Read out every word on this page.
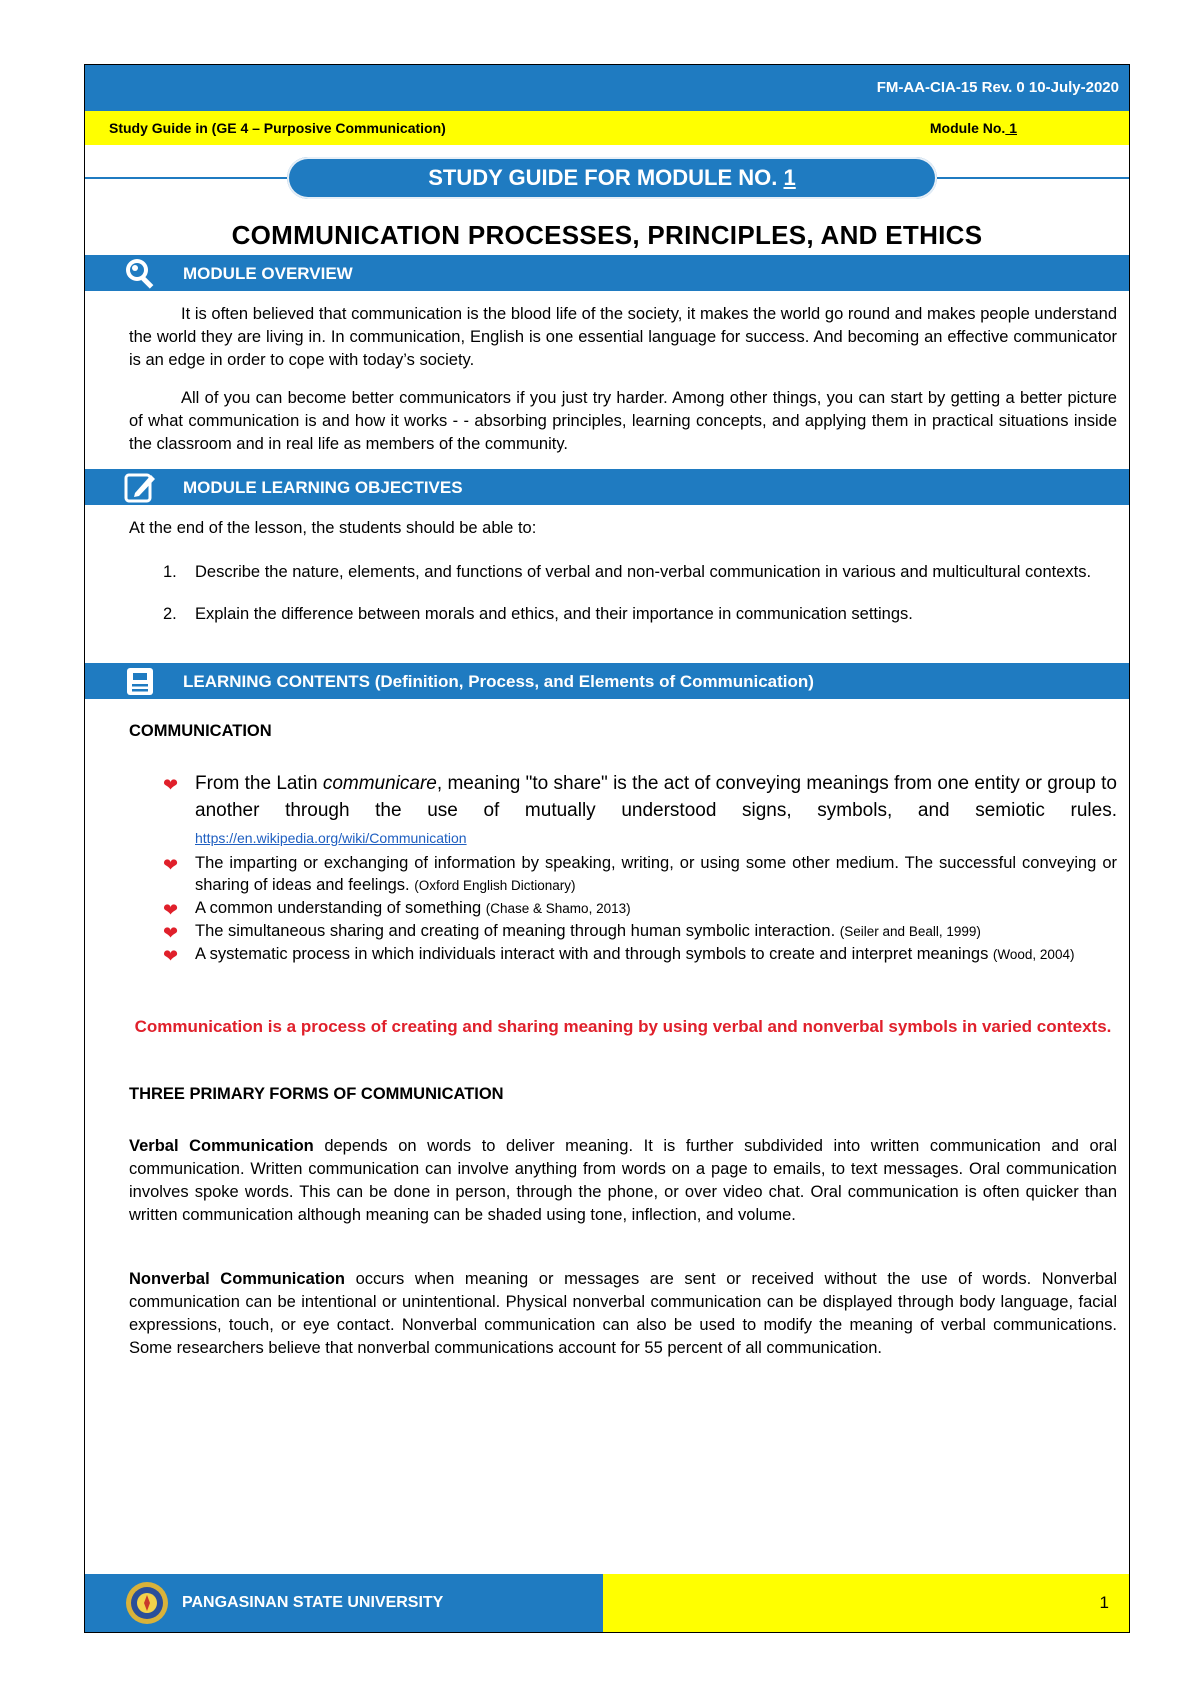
FM-AA-CIA-15 Rev. 0 10-July-2020
Study Guide in (GE 4 – Purposive Communication)	Module No. 1
STUDY GUIDE FOR MODULE NO. 1
COMMUNICATION PROCESSES, PRINCIPLES, AND ETHICS
MODULE OVERVIEW
It is often believed that communication is the blood life of the society, it makes the world go round and makes people understand the world they are living in. In communication, English is one essential language for success. And becoming an effective communicator is an edge in order to cope with today’s society.
All of you can become better communicators if you just try harder. Among other things, you can start by getting a better picture of what communication is and how it works - - absorbing principles, learning concepts, and applying them in practical situations inside the classroom and in real life as members of the community.
MODULE LEARNING OBJECTIVES
At the end of the lesson, the students should be able to:
1. Describe the nature, elements, and functions of verbal and non-verbal communication in various and multicultural contexts.
2. Explain the difference between morals and ethics, and their importance in communication settings.
LEARNING CONTENTS (Definition, Process, and Elements of Communication)
COMMUNICATION
❤ From the Latin communicare, meaning "to share" is the act of conveying meanings from one entity or group to another through the use of mutually understood signs, symbols, and semiotic rules. https://en.wikipedia.org/wiki/Communication
❤ The imparting or exchanging of information by speaking, writing, or using some other medium. The successful conveying or sharing of ideas and feelings. (Oxford English Dictionary)
❤ A common understanding of something (Chase & Shamo, 2013)
❤ The simultaneous sharing and creating of meaning through human symbolic interaction. (Seiler and Beall, 1999)
❤ A systematic process in which individuals interact with and through symbols to create and interpret meanings (Wood, 2004)
Communication is a process of creating and sharing meaning by using verbal and nonverbal symbols in varied contexts.
THREE PRIMARY FORMS OF COMMUNICATION
Verbal Communication depends on words to deliver meaning. It is further subdivided into written communication and oral communication. Written communication can involve anything from words on a page to emails, to text messages. Oral communication involves spoke words. This can be done in person, through the phone, or over video chat. Oral communication is often quicker than written communication although meaning can be shaded using tone, inflection, and volume.
Nonverbal Communication occurs when meaning or messages are sent or received without the use of words. Nonverbal communication can be intentional or unintentional. Physical nonverbal communication can be displayed through body language, facial expressions, touch, or eye contact. Nonverbal communication can also be used to modify the meaning of verbal communications. Some researchers believe that nonverbal communications account for 55 percent of all communication.
PANGASINAN STATE UNIVERSITY	1
